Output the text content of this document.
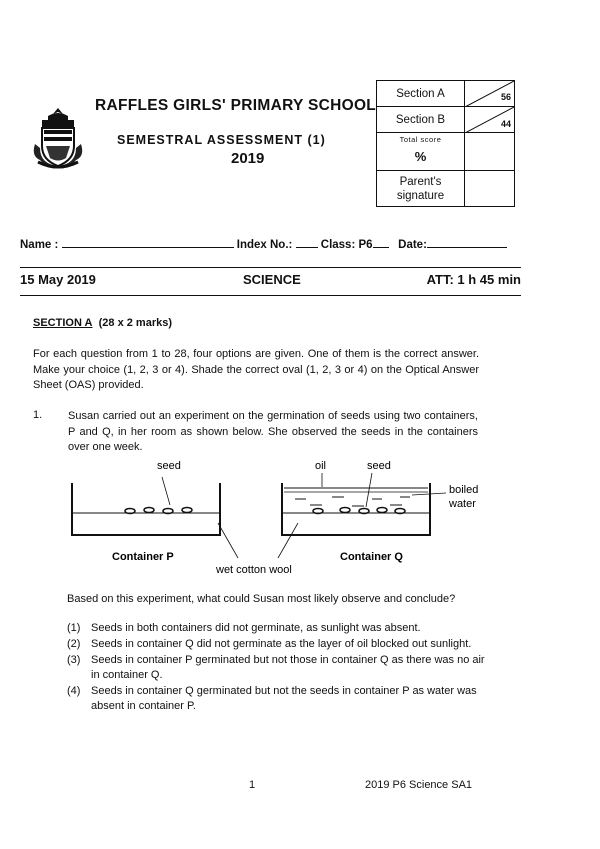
RAFFLES GIRLS' PRIMARY SCHOOL
SEMESTRAL ASSESSMENT (1)
2019
Section A	56

Section B	44

Total score
%	

Parent's
signature	

Name :	Index No.: Class: P6 Date:
15 May 2019	SCIENCE	ATT: 1 h 45 min
SECTION A (28 x 2 marks)
For each question from 1 to 28, four options are given. One of them is the correct answer. Make your choice (1, 2, 3 or 4). Shade the correct oval (1, 2, 3 or 4) on the Optical Answer Sheet (OAS) provided.
1. Susan carried out an experiment on the germination of seeds using two containers, P and Q, in her room as shown below. She observed the seeds in the containers over one week.
seed	oil	seed
boiled
water
Container P	Container Q
wet cotton wool
Based on this experiment, what could Susan most likely observe and conclude?
(1) Seeds in both containers did not germinate, as sunlight was absent.
(2) Seeds in container Q did not germinate as the layer of oil blocked out sunlight.
(3) Seeds in container P germinated but not those in container Q as there was no air in container Q.
(4) Seeds in container Q germinated but not the seeds in container P as water was absent in container P.
1	2019 P6 Science SA1
